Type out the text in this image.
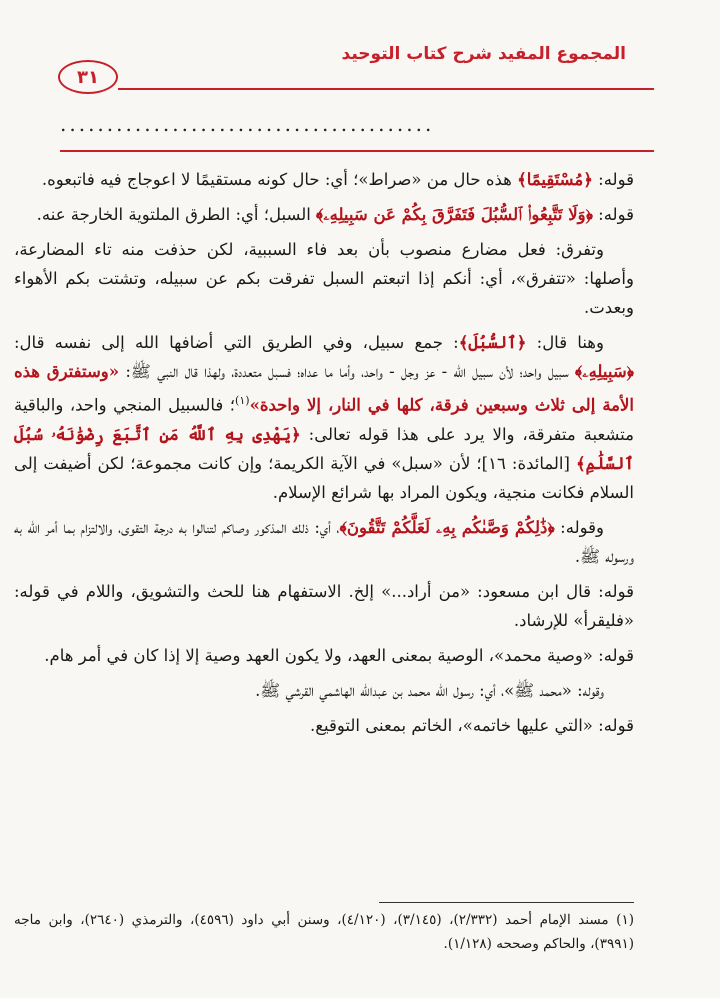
المجموع المفيد شرح كتاب التوحيد
٣١
........................................

قوله: ﴿مُسْتَقِيمًا﴾ هذه حال من «صراط»؛ أي: حال كونه مستقيمًا لا اعوجاج فيه فاتبعوه.

قوله: ﴿وَلَا تَتَّبِعُوا۟ ٱلسُّبُلَ فَتَفَرَّقَ بِكُمْ عَن سَبِيلِهِۦ﴾ السبل؛ أي: الطرق الملتوية الخارجة عنه.

وتفرق: فعل مضارع منصوب بأن بعد فاء السببية، لكن حذفت منه تاء المضارعة، وأصلها: «تتفرق»، أي: أنكم إذا اتبعتم السبل تفرقت بكم عن سبيله، وتشتت بكم الأهواء وبعدت.

وهنا قال: ﴿ٱلسُّبُلَ﴾: جمع سبيل، وفي الطريق التي أضافها الله إلى نفسه قال: ﴿سَبِيلِهِۦ﴾ سبيل واحد؛ لأن سبيل الله - عز وجل - واحد، وأما ما عداه؛ فسبل متعددة، ولهذا قال النبي ﷺ: «وستفترق هذه الأمة إلى ثلاث وسبعين فرقة، كلها في النار، إلا واحدة»$^{(١)}$؛ فالسبيل المنجي واحد، والباقية متشعبة متفرقة، والا يرد على هذا قوله تعالى: ﴿يَهْدِى بِهِ ٱللَّهُ مَنِ ٱتَّبَعَ رِضْوَٰنَهُۥ سُبُلَ ٱلسَّلَٰمِ﴾ [المائدة: ١٦]؛ لأن «سبل» في الآية الكريمة؛ وإن كانت مجموعة؛ لكن أضيفت إلى السلام فكانت منجية، ويكون المراد بها شرائع الإسلام.

وقوله: ﴿ذَٰلِكُمْ وَصَّىٰكُم بِهِۦ لَعَلَّكُمْ تَتَّقُونَ﴾، أي: ذلك المذكور وصاكم لتنالوا به درجة التقوى، والالتزام بما أمر الله به ورسوله ﷺ.

قوله: قال ابن مسعود: «من أراد...» إلخ. الاستفهام هنا للحث والتشويق، واللام في قوله: «فليقرأ» للإرشاد.

قوله: «وصية محمد»، الوصية بمعنى العهد، ولا يكون العهد وصية إلا إذا كان في أمر هام.

وقوله: «محمد ﷺ»، أي: رسول الله محمد بن عبدالله الهاشمي القرشي ﷺ.

قوله: «التي عليها خاتمه»، الخاتم بمعنى التوقيع.

(١) مسند الإمام أحمد (٢/٣٣٢)، (٣/١٤٥)، (٤/١٢٠)، وسنن أبي داود (٤٥٩٦)، والترمذي (٢٦٤٠)، وابن ماجه (٣٩٩١)، والحاكم وصححه (١/١٢٨).
